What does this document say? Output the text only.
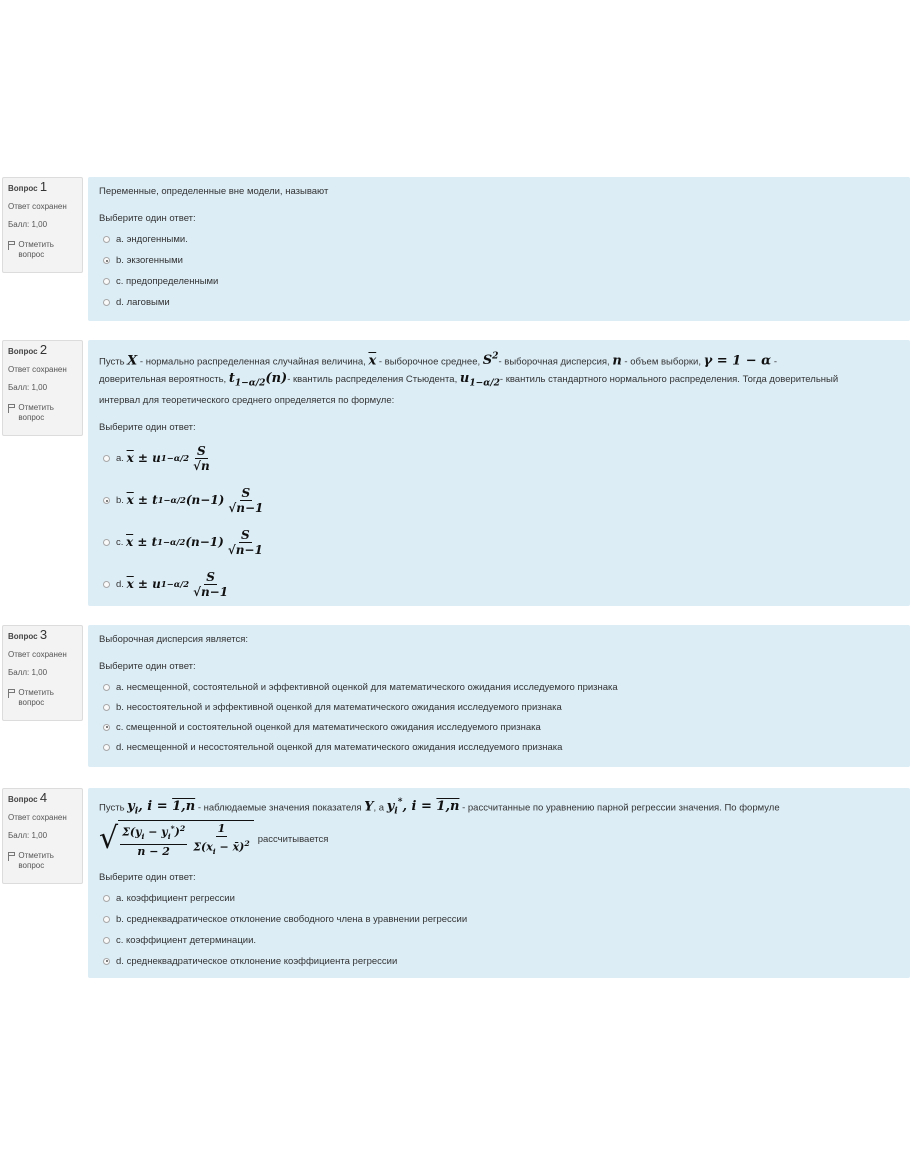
Вопрос 1
Ответ сохранен
Балл: 1,00
Отметить вопрос
Переменные, определенные вне модели, называют
Выберите один ответ:
a. эндогенными.
b. экзогенными
c. предопределенными
d. лаговыми
Вопрос 2
Ответ сохранен
Балл: 1,00
Отметить вопрос
Пусть X - нормально распределенная случайная величина, $\overline{x}$ - выборочное среднее, $S^2-$ выборочная дисперсия, n - объем выборки, γ = 1 − α -
доверительная вероятность, $t_{1-\alpha/2}(n)-$ квантиль распределения Стьюдента, $u_{1-\alpha/2}-$ квантиль стандартного нормального распределения. Тогда доверительный
интервал для теоретического среднего определяется по формуле:
Выберите один ответ:
a.
$\overline{x} \pm u$ $1-\alpha/2 \frac{S}{√n}$
b.
$\overline{x} \pm t$ 1−α/2 $(n-1) \frac{S}{√n-1}$
c.
$\overline{x} \pm t$ 1−α/2 $(n-1) \frac{S}{√n-1}$
d.
$\overline{x} \pm u$ $1-\alpha/2 \frac{S}{√n-1}$
Вопрос 3
Ответ сохранен
Балл: 1,00
Отметить вопрос
Выборочная дисперсия является:
Выберите один ответ:
a. несмещенной, состоятельной и эффективной оценкой для математического ожидания исследуемого признака
b. несостоятельной и эффективной оценкой для математического ожидания исследуемого признака
c. смещенной и состоятельной оценкой для математического ожидания исследуемого признака
d. несмещенной и несостоятельной оценкой для математического ожидания исследуемого признака
Вопрос 4
Ответ сохранен
Балл: 1,00
Отметить вопрос
Пусть $y_i$, i = 1,n - наблюдаемые значения показателя Y, а $y_i^*$, i = 1,n - рассчитанные по уравнению парной регрессии значения. По формуле
√ $\frac{\Sigma(y_i - y_i^*)^2}{n - 2} \frac{1}{\Sigma(x_i - x̄)^2}$ рассчитывается
Выберите один ответ:
a. коэффициент регрессии
b. среднеквадратическое отклонение свободного члена в уравнении регрессии
c. коэффициент детерминации.
d. среднеквадратическое отклонение коэффициента регрессии
